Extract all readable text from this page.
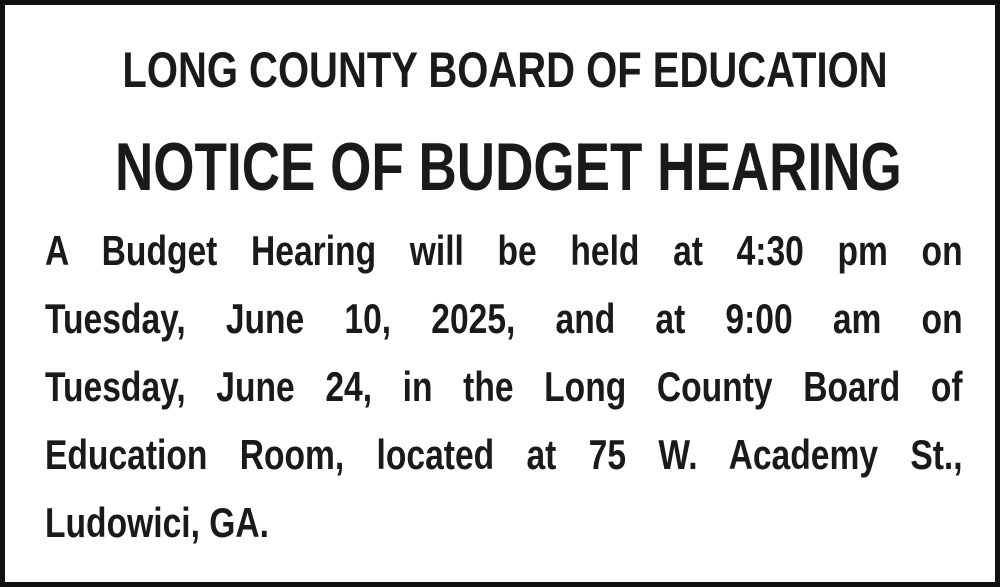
LONG COUNTY BOARD OF EDUCATION
NOTICE OF BUDGET HEARING
A Budget Hearing will be held at 4:30 pm on
Tuesday, June 10, 2025, and at 9:00 am on
Tuesday, June 24, in the Long County Board of
Education Room, located at 75 W. Academy St.,
Ludowici, GA.
